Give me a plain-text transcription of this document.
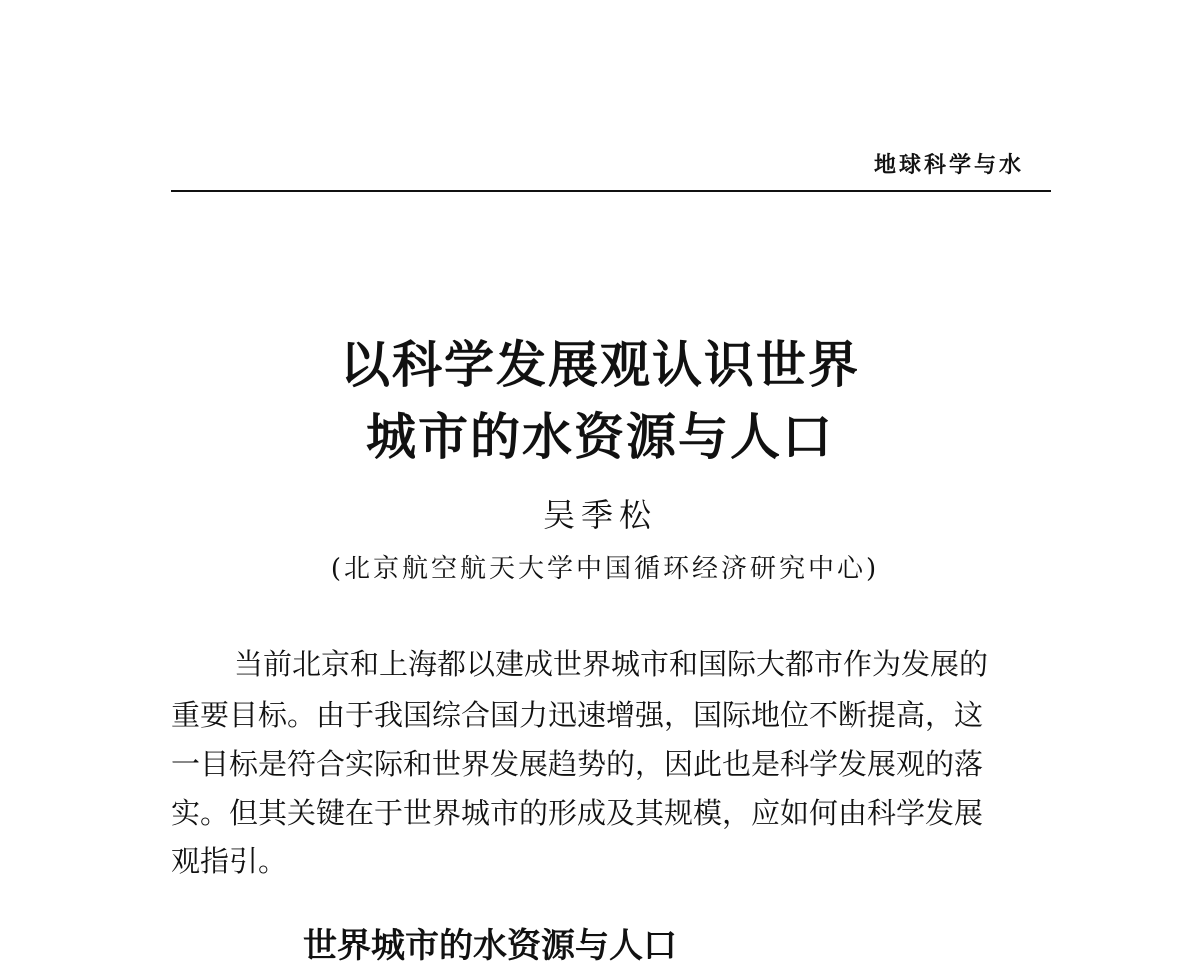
地球科学与水
以科学发展观认识世界
城市的水资源与人口
吴季松
(北京航空航天大学中国循环经济研究中心)
当前北京和上海都以建成世界城市和国际大都市作为发展的
重要目标。由于我国综合国力迅速增强，国际地位不断提高，这
一目标是符合实际和世界发展趋势的，因此也是科学发展观的落
实。但其关键在于世界城市的形成及其规模，应如何由科学发展
观指引。
世界城市的水资源与人口
